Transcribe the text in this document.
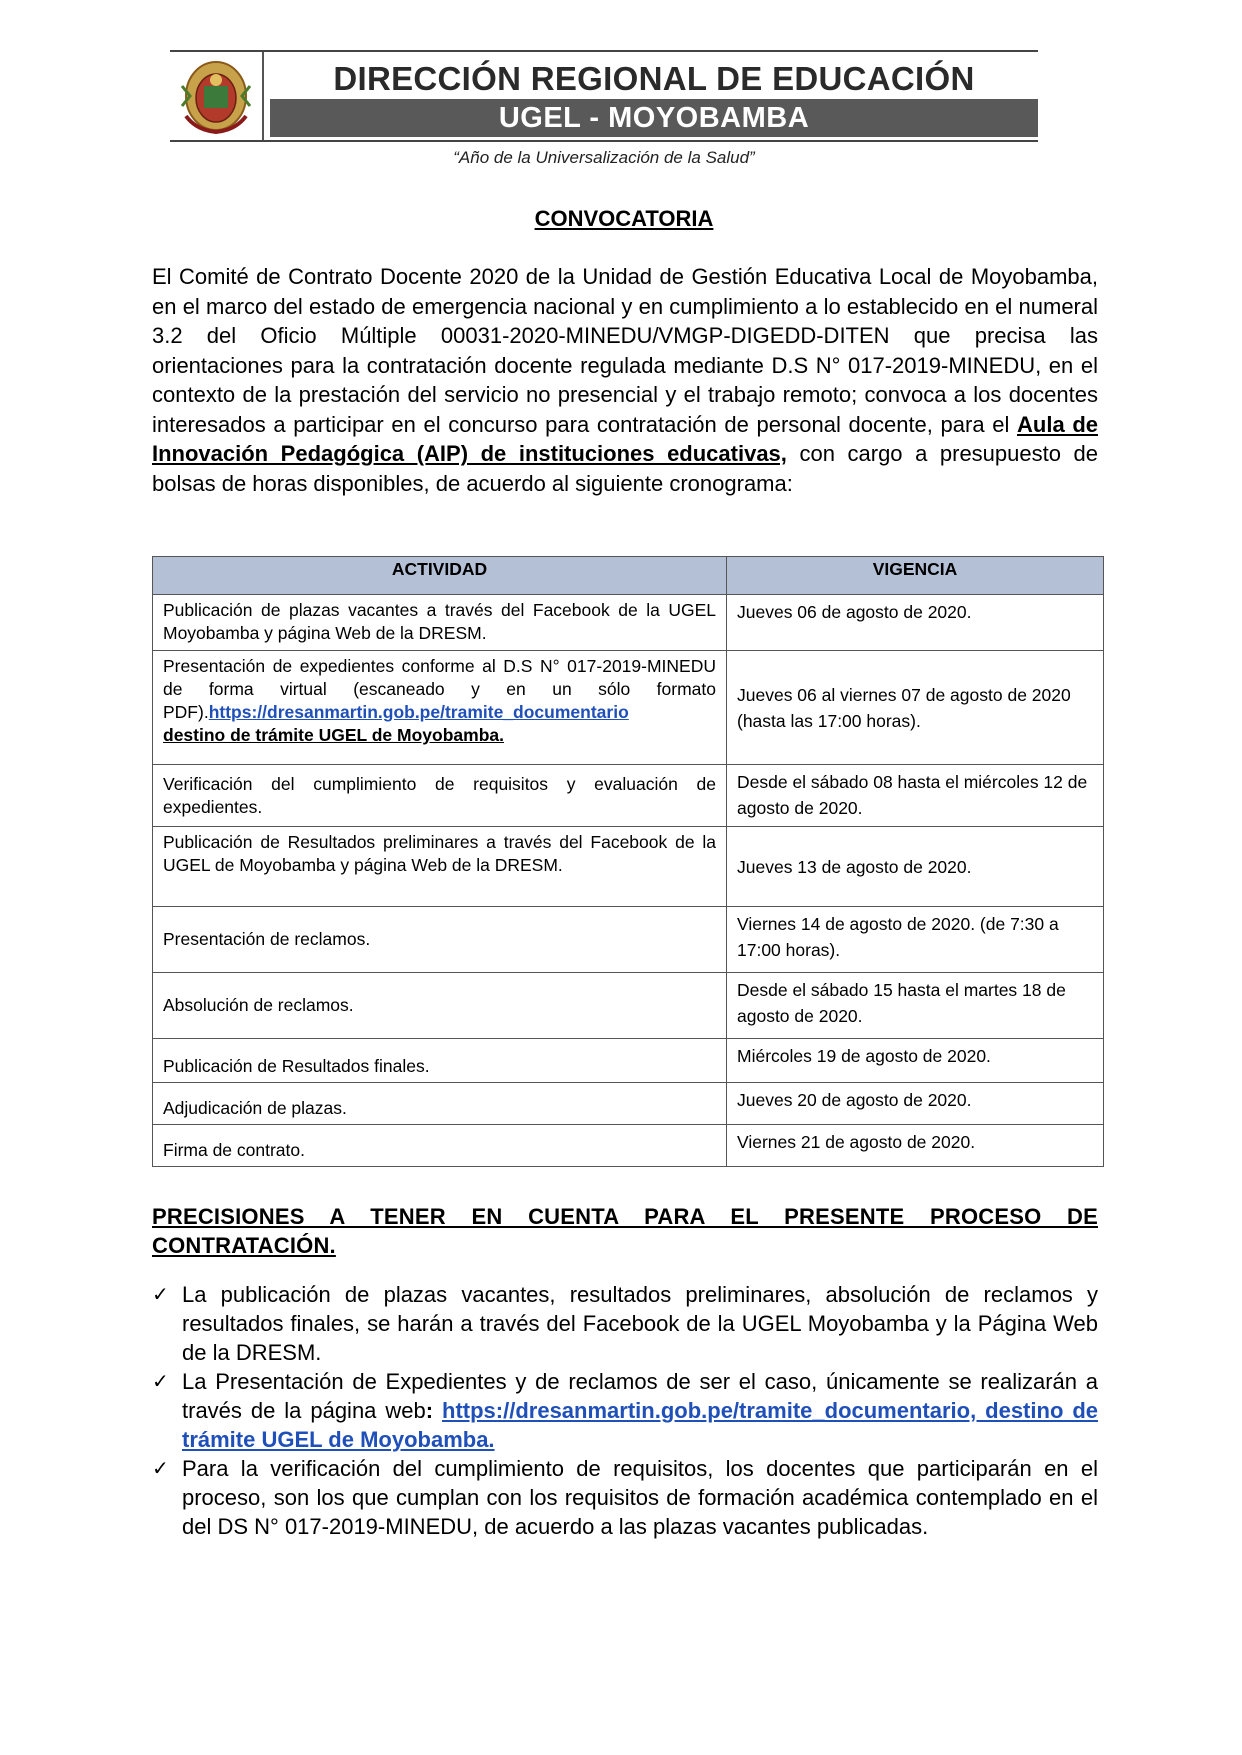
DIRECCIÓN REGIONAL DE EDUCACIÓN
UGEL - MOYOBAMBA
“Año de la Universalización de la Salud”
CONVOCATORIA
El Comité de Contrato Docente 2020 de la Unidad de Gestión Educativa Local de Moyobamba, en el marco del estado de emergencia nacional y en cumplimiento a lo establecido en el numeral 3.2 del Oficio Múltiple 00031-2020-MINEDU/VMGP-DIGEDD-DITEN que precisa las orientaciones para la contratación docente regulada mediante D.S N° 017-2019-MINEDU, en el contexto de la prestación del servicio no presencial y el trabajo remoto; convoca a los docentes interesados a participar en el concurso para contratación de personal docente, para el Aula de Innovación Pedagógica (AIP) de instituciones educativas, con cargo a presupuesto de bolsas de horas disponibles, de acuerdo al siguiente cronograma:
ACTIVIDAD	VIGENCIA
Publicación de plazas vacantes a través del Facebook de la UGEL Moyobamba y página Web de la DRESM.	Jueves 06 de agosto de 2020.
Presentación de expedientes conforme al D.S N° 017-2019-MINEDU de forma virtual (escaneado y en un sólo formato PDF).https://dresanmartin.gob.pe/tramite_documentario
destino de trámite UGEL de Moyobamba.	Jueves 06 al viernes 07 de agosto de 2020 (hasta las 17:00 horas).
Verificación del cumplimiento de requisitos y evaluación de expedientes.	Desde el sábado 08 hasta el miércoles 12 de agosto de 2020.
Publicación de Resultados preliminares a través del Facebook de la UGEL de Moyobamba y página Web de la DRESM.	Jueves 13 de agosto de 2020.
Presentación de reclamos.	Viernes 14 de agosto de 2020. (de 7:30 a 17:00 horas).
Absolución de reclamos.	Desde el sábado 15 hasta el martes 18 de agosto de 2020.
Publicación de Resultados finales.	Miércoles 19 de agosto de 2020.
Adjudicación de plazas.	Jueves 20 de agosto de 2020.
Firma de contrato.	Viernes 21 de agosto de 2020.
PRECISIONES A TENER EN CUENTA PARA EL PRESENTE PROCESO DE CONTRATACIÓN.
✓ La publicación de plazas vacantes, resultados preliminares, absolución de reclamos y resultados finales, se harán a través del Facebook de la UGEL Moyobamba y la Página Web de la DRESM.
✓ La Presentación de Expedientes y de reclamos de ser el caso, únicamente se realizarán a través de la página web: https://dresanmartin.gob.pe/tramite_documentario, destino de trámite UGEL de Moyobamba.
✓ Para la verificación del cumplimiento de requisitos, los docentes que participarán en el proceso, son los que cumplan con los requisitos de formación académica contemplado en el del DS N° 017-2019-MINEDU, de acuerdo a las plazas vacantes publicadas.
